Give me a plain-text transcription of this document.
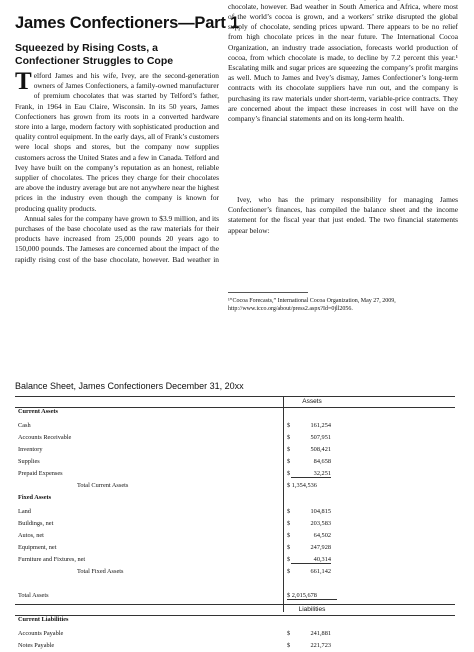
James Confectioners—Part 1
Squeezed by Rising Costs, a Confectioner Struggles to Cope
T elford James and his wife, Ivey, are the second-generation owners of James Confectioners, a family-owned manufacturer of premium chocolates that was started by Telford’s father, Frank, in 1964 in Eau Claire, Wisconsin. In its 50 years, James Confectioners has grown from its roots in a converted hardware store into a large, modern factory with sophisticated production and quality control equipment. In the early days, all of Frank’s customers were local shops and stores, but the company now supplies customers across the United States and a few in Canada. Telford and Ivey have built on the company’s reputation as an honest, reliable supplier of chocolates. The prices they charge for their chocolates are above the industry average but are not anywhere near the highest prices in the industry even though the company is known for producing quality products.

Annual sales for the company have grown to $3.9 million, and its purchases of the base chocolate used as the raw materials for their products have increased from 25,000 pounds 20 years ago to 150,000 pounds. The Jameses are concerned about the impact of the rapidly rising cost of the base chocolate, however. Bad weather in

chocolate, however. Bad weather in South America and Africa, where most of the world’s cocoa is grown, and a workers’ strike disrupted the global supply of chocolate, sending prices upward. There appears to be no relief from high chocolate prices in the near future. The International Cocoa Organization, an industry trade association, forecasts world production of cocoa, from which chocolate is made, to decline by 7.2 percent this year.¹ Escalating milk and sugar prices are squeezing the company’s profit margins as well. Much to James and Ivey’s dismay, James Confectioner’s long-term contracts with its chocolate suppliers have run out, and the company is purchasing its raw materials under short-term, variable-price contracts. They are concerned about the impact these increases in cost will have on the company’s financial statements and on its long-term health.

Ivey, who has the primary responsibility for managing James Confectioner’s finances, has compiled the balance sheet and the income statement for the fiscal year that just ended. The two financial statements appear below:

¹“Cocoa Forecasts,” International Cocoa Organization, May 27, 2009, http://www.icco.org/about/press2.aspx?Id=0jll2056.
Balance Sheet, James Confectioners December 31, 20xx
Assets
Current Assets
Cash	$	161,254
Accounts Receivable	$	507,951
Inventory	$	508,421
Supplies	$	84,658
Prepaid Expenses	$	32,251
Total Current Assets	$ 1,354,536
Fixed Assets
Land	$	104,815
Buildings, net	$	203,583
Autos, net	$	64,502
Equipment, net	$	247,928
Furniture and Fixtures, net	$	40,314
Total Fixed Assets	$	661,142
Total Assets	$ 2,015,678
Liabilities
Current Liabilities
Accounts Payable	$	241,881
Notes Payable	$	221,723
